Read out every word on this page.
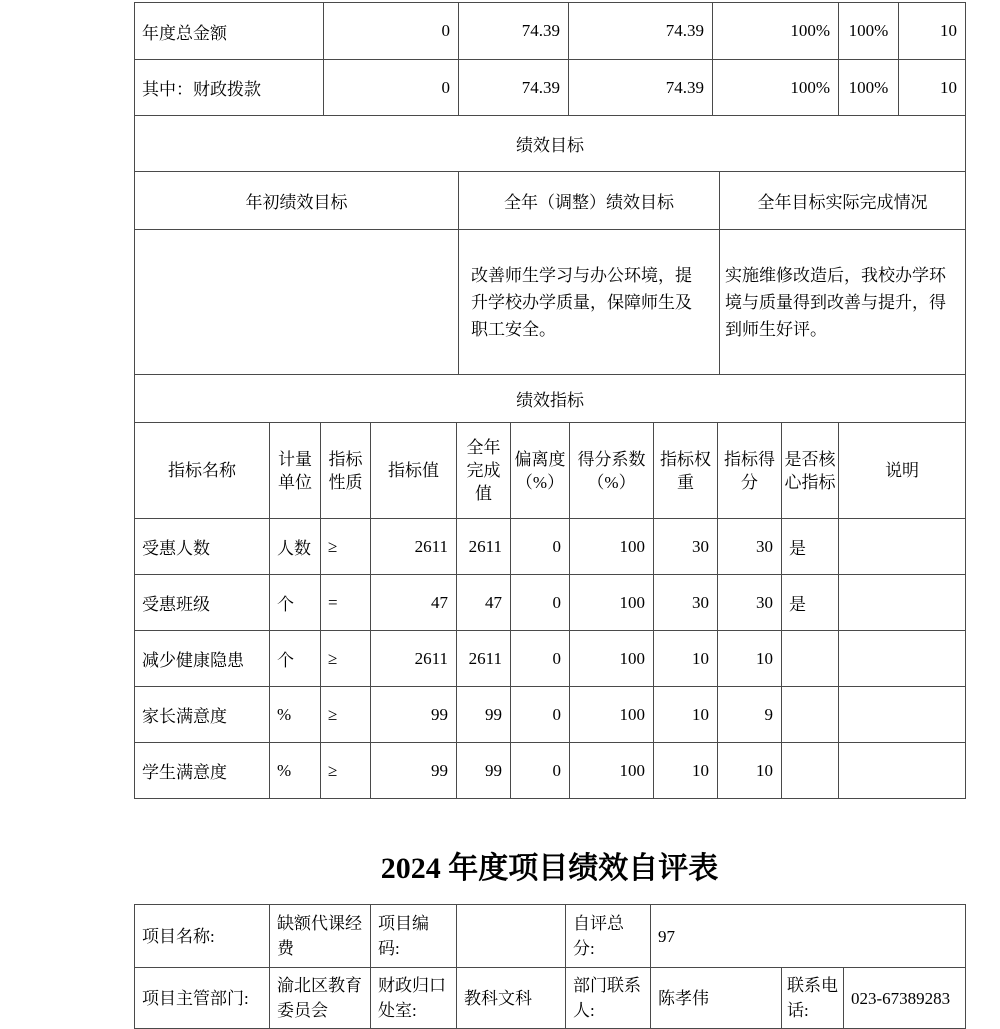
年度总金额	0	74.39	74.39	100%	100%	10
其中：财政拨款	0	74.39	74.39	100%	100%	10
绩效目标		
年初绩效目标	全年（调整）绩效目标	全年目标实际完成情况
	改善师生学习与办公环境，提升学校办学质量，保障师生及职工安全。	实施维修改造后，我校办学环境与质量得到改善与提升，得到师生好评。
绩效指标										
指标名称	计量单位	指标性质	指标值	全年完成值	偏离度（%）	得分系数（%）	指标权重	指标得分	是否核心指标	说明
受惠人数	人数	≥	2611	2611	0	100	30	30	是	
受惠班级	个	=	47	47	0	100	30	30	是	
减少健康隐患	个	≥	2611	2611	0	100	10	10		
家长满意度	%	≥	99	99	0	100	10	9		
学生满意度	%	≥	99	99	0	100	10	10		
2024 年度项目绩效自评表
项目名称:	缺额代课经费	项目编码:		自评总分:	97		
项目主管部门:	渝北区教育委员会	财政归口处室:	教科文科	部门联系人:	陈孝伟	联系电话:	023-67389283
